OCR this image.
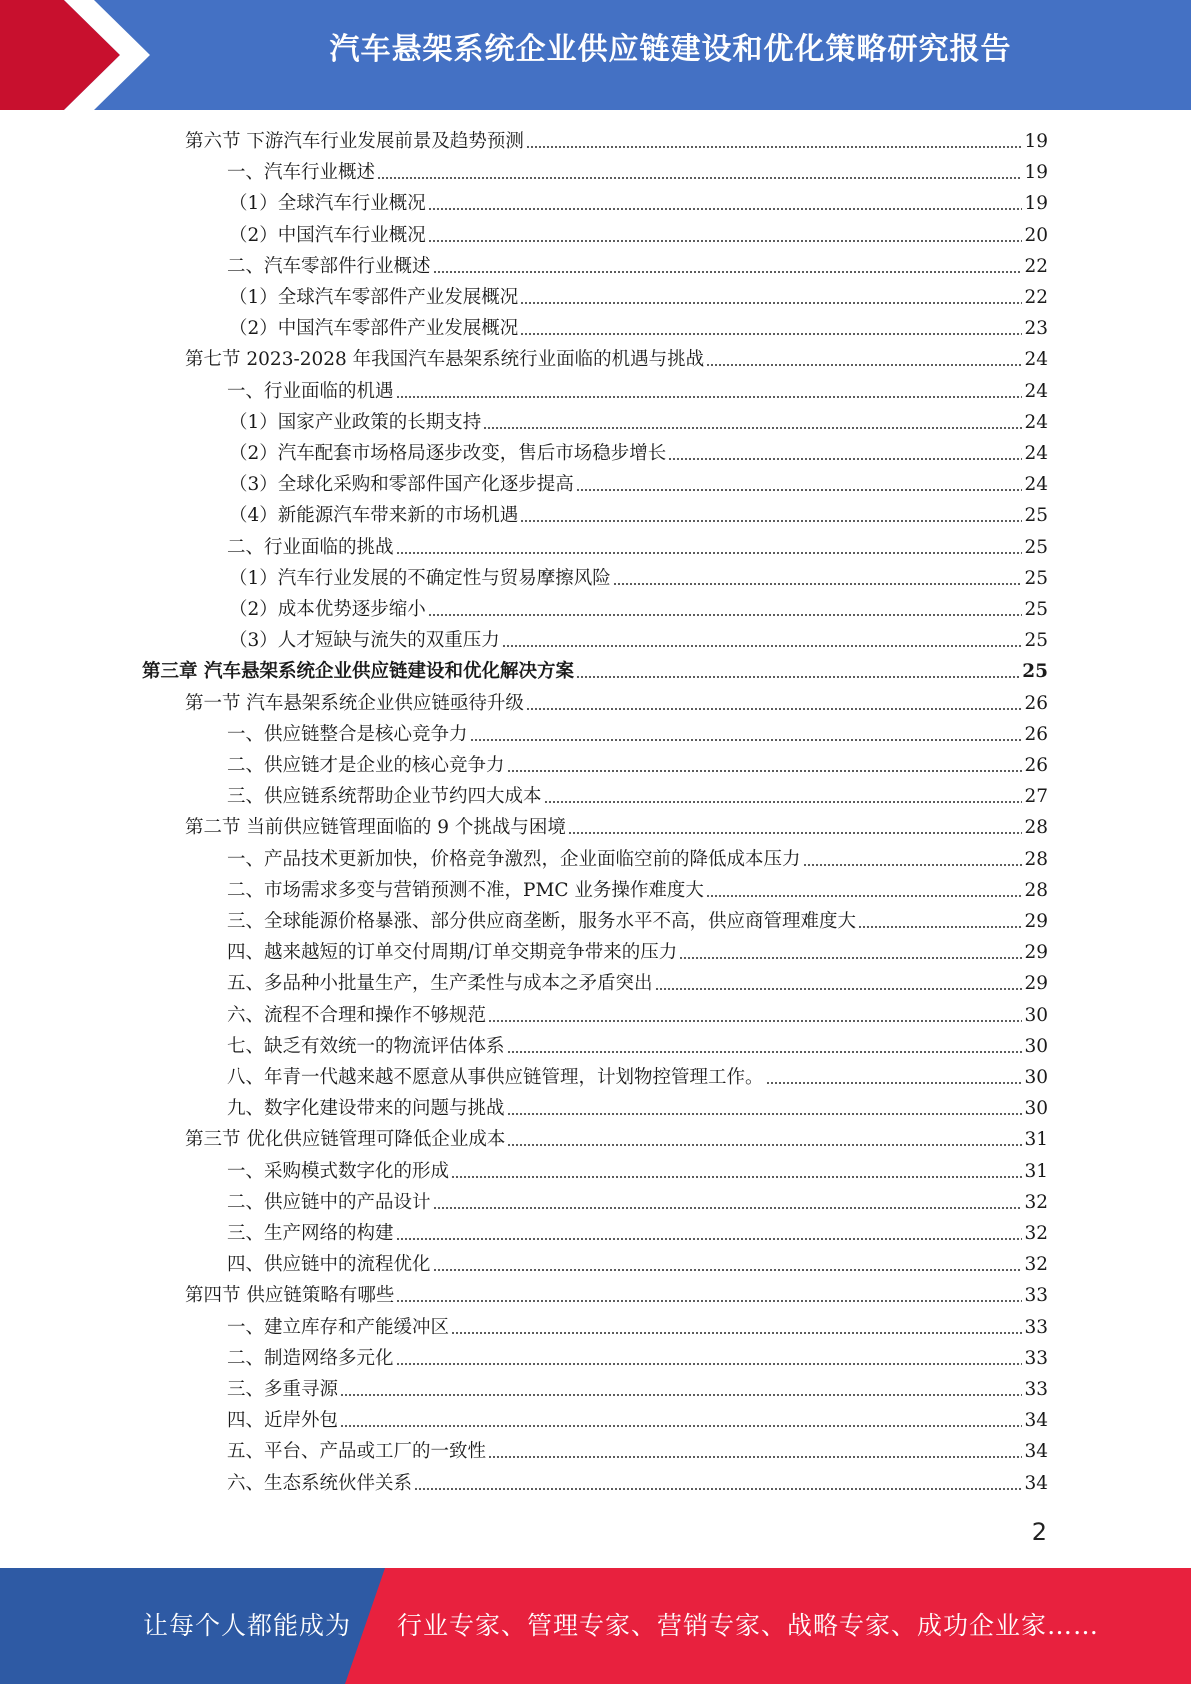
汽车悬架系统企业供应链建设和优化策略研究报告
第六节 下游汽车行业发展前景及趋势预测	19
一、汽车行业概述	19
（1）全球汽车行业概况	19
（2）中国汽车行业概况	20
二、汽车零部件行业概述	22
（1）全球汽车零部件产业发展概况	22
（2）中国汽车零部件产业发展概况	23
第七节 2023-2028 年我国汽车悬架系统行业面临的机遇与挑战	24
一、行业面临的机遇	24
（1）国家产业政策的长期支持	24
（2）汽车配套市场格局逐步改变，售后市场稳步增长	24
（3）全球化采购和零部件国产化逐步提高	24
（4）新能源汽车带来新的市场机遇	25
二、行业面临的挑战	25
（1）汽车行业发展的不确定性与贸易摩擦风险	25
（2）成本优势逐步缩小	25
（3）人才短缺与流失的双重压力	25
第三章 汽车悬架系统企业供应链建设和优化解决方案	25
第一节 汽车悬架系统企业供应链亟待升级	26
一、供应链整合是核心竞争力	26
二、供应链才是企业的核心竞争力	26
三、供应链系统帮助企业节约四大成本	27
第二节 当前供应链管理面临的 9 个挑战与困境	28
一、产品技术更新加快，价格竞争激烈，企业面临空前的降低成本压力	28
二、市场需求多变与营销预测不准，PMC 业务操作难度大	28
三、全球能源价格暴涨、部分供应商垄断，服务水平不高，供应商管理难度大	29
四、越来越短的订单交付周期/订单交期竞争带来的压力	29
五、多品种小批量生产，生产柔性与成本之矛盾突出	29
六、流程不合理和操作不够规范	30
七、缺乏有效统一的物流评估体系	30
八、年青一代越来越不愿意从事供应链管理，计划物控管理工作。	30
九、数字化建设带来的问题与挑战	30
第三节 优化供应链管理可降低企业成本	31
一、采购模式数字化的形成	31
二、供应链中的产品设计	32
三、生产网络的构建	32
四、供应链中的流程优化	32
第四节 供应链策略有哪些	33
一、建立库存和产能缓冲区	33
二、制造网络多元化	33
三、多重寻源	33
四、近岸外包	34
五、平台、产品或工厂的一致性	34
六、生态系统伙伴关系	34
2
让每个人都能成为 行业专家、管理专家、营销专家、战略专家、成功企业家……
